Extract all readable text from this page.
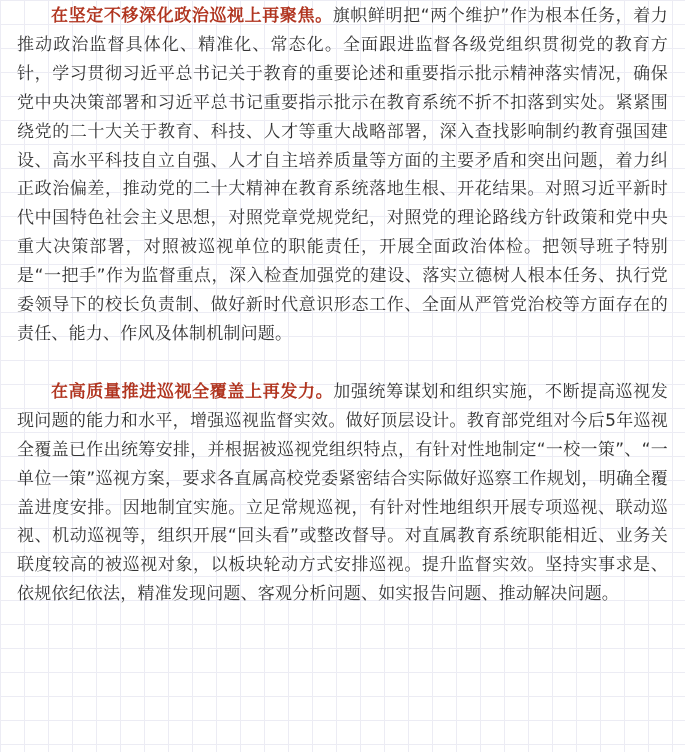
在坚定不移深化政治巡视上再聚焦。旗帜鲜明把“两个维护”作为根本任务，着力推动政治监督具体化、精准化、常态化。全面跟进监督各级党组织贯彻党的教育方针，学习贯彻习近平总书记关于教育的重要论述和重要指示批示精神落实情况，确保党中央决策部署和习近平总书记重要指示批示在教育系统不折不扣落到实处。紧紧围绕党的二十大关于教育、科技、人才等重大战略部署，深入查找影响制约教育强国建设、高水平科技自立自强、人才自主培养质量等方面的主要矛盾和突出问题，着力纠正政治偏差，推动党的二十大精神在教育系统落地生根、开花结果。对照习近平新时代中国特色社会主义思想，对照党章党规党纪，对照党的理论路线方针政策和党中央重大决策部署，对照被巡视单位的职能责任，开展全面政治体检。把领导班子特别是“一把手”作为监督重点，深入检查加强党的建设、落实立德树人根本任务、执行党委领导下的校长负责制、做好新时代意识形态工作、全面从严管党治校等方面存在的责任、能力、作风及体制机制问题。

在高质量推进巡视全覆盖上再发力。加强统筹谋划和组织实施，不断提高巡视发现问题的能力和水平，增强巡视监督实效。做好顶层设计。教育部党组对今后5年巡视全覆盖已作出统筹安排，并根据被巡视党组织特点，有针对性地制定“一校一策”、“一单位一策”巡视方案，要求各直属高校党委紧密结合实际做好巡察工作规划，明确全覆盖进度安排。因地制宜实施。立足常规巡视，有针对性地组织开展专项巡视、联动巡视、机动巡视等，组织开展“回头看”或整改督导。对直属教育系统职能相近、业务关联度较高的被巡视对象，以板块轮动方式安排巡视。提升监督实效。坚持实事求是、依规依纪依法，精准发现问题、客观分析问题、如实报告问题、推动解决问题。
